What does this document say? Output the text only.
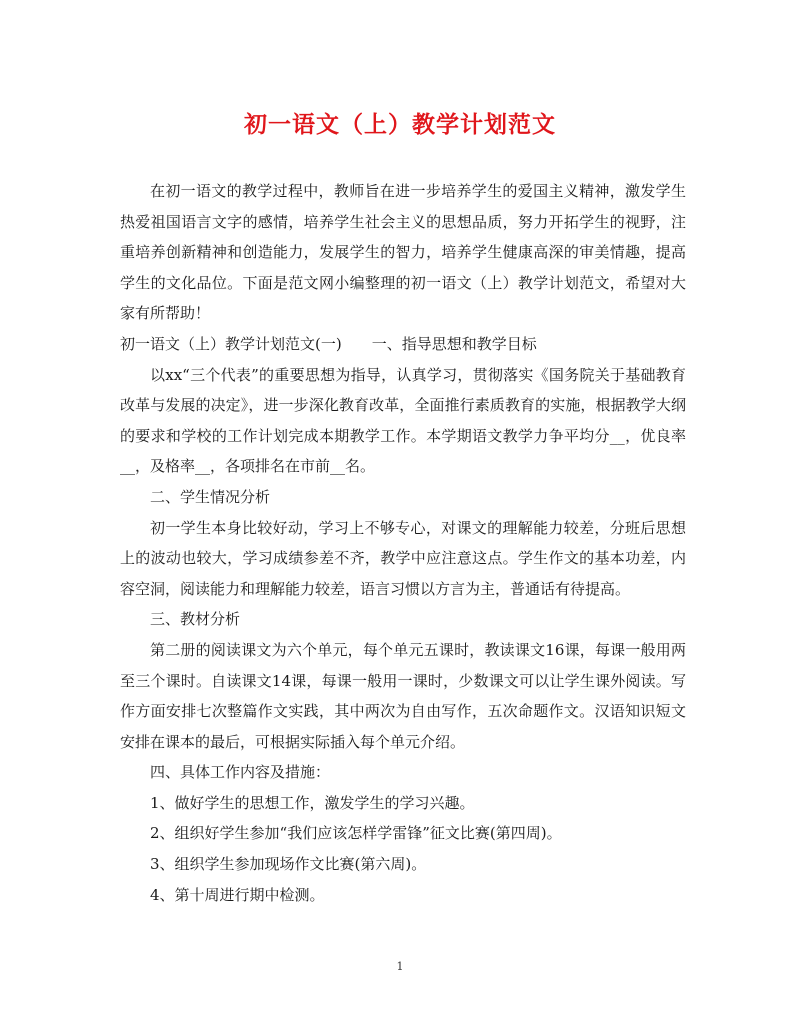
初一语文（上）教学计划范文

在初一语文的教学过程中，教师旨在进一步培养学生的爱国主义精神，激发学生热爱祖国语言文字的感情，培养学生社会主义的思想品质，努力开拓学生的视野，注重培养创新精神和创造能力，发展学生的智力，培养学生健康高深的审美情趣，提高学生的文化品位。下面是范文网小编整理的初一语文（上）教学计划范文，希望对大家有所帮助！

初一语文（上）教学计划范文(一)　　一、指导思想和教学目标

以xx“三个代表”的重要思想为指导，认真学习，贯彻落实《国务院关于基础教育改革与发展的决定》，进一步深化教育改革，全面推行素质教育的实施，根据教学大纲的要求和学校的工作计划完成本期教学工作。本学期语文教学力争平均分__，优良率__，及格率__，各项排名在市前__名。

二、学生情况分析

初一学生本身比较好动，学习上不够专心，对课文的理解能力较差，分班后思想上的波动也较大，学习成绩参差不齐，教学中应注意这点。学生作文的基本功差，内容空洞，阅读能力和理解能力较差，语言习惯以方言为主，普通话有待提高。

三、教材分析

第二册的阅读课文为六个单元，每个单元五课时，教读课文16课，每课一般用两至三个课时。自读课文14课，每课一般用一课时，少数课文可以让学生课外阅读。写作方面安排七次整篇作文实践，其中两次为自由写作，五次命题作文。汉语知识短文安排在课本的最后，可根据实际插入每个单元介绍。

四、具体工作内容及措施：

1、做好学生的思想工作，激发学生的学习兴趣。

2、组织好学生参加“我们应该怎样学雷锋”征文比赛(第四周)。

3、组织学生参加现场作文比赛(第六周)。

4、第十周进行期中检测。

1
